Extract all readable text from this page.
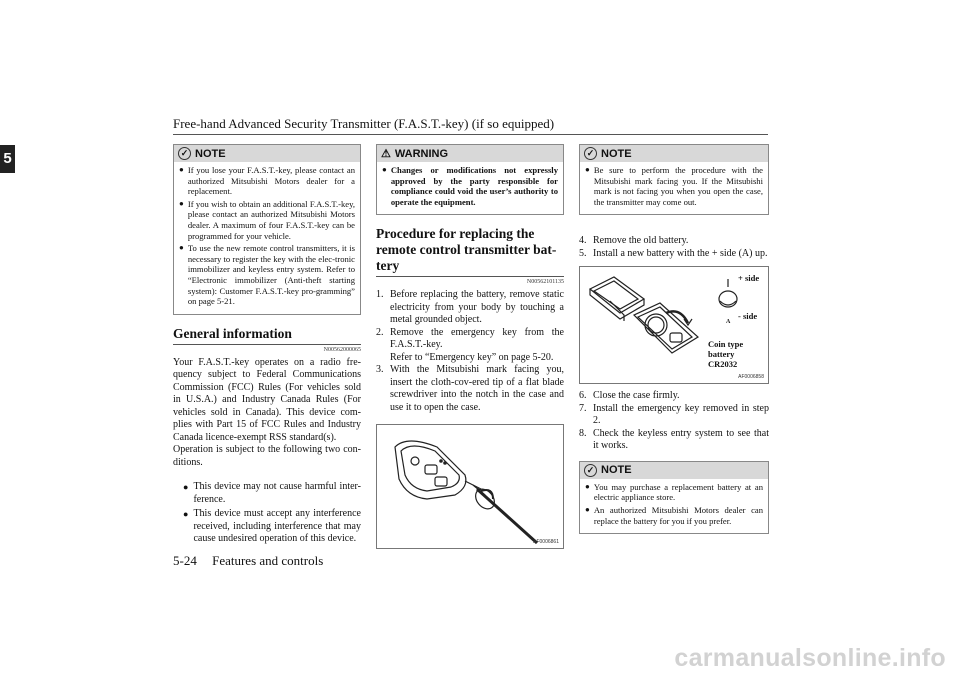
Free-hand Advanced Security Transmitter (F.A.S.T.-key) (if so equipped)
5	✓ NOTE
● If you lose your F.A.S.T.-key, please contact an authorized Mitsubishi Motors dealer for a replacement.
● If you wish to obtain an additional F.A.S.T.-key, please contact an authorized Mitsubishi Motors dealer. A maximum of four F.A.S.T.-key can be programmed for your vehicle.
● To use the new remote control transmitters, it is necessary to register the key with the elec-tronic immobilizer and keyless entry system. Refer to “Electronic immobilizer (Anti-theft starting system): Customer F.A.S.T.-key pro-gramming” on page 5-21.
General information
N00562000065
Your F.A.S.T.-key operates on a radio fre-quency subject to Federal Communications Commission (FCC) Rules (For vehicles sold in U.S.A.) and Industry Canada Rules (For vehicles sold in Canada). This device com-plies with Part 15 of FCC Rules and Industry Canada licence-exempt RSS standard(s).
Operation is subject to the following two con-ditions.
● This device may not cause harmful inter-ference.
● This device must accept any interference received, including interference that may cause undesired operation of this device.
⚠ WARNING
● Changes or modifications not expressly approved by the party responsible for compliance could void the user’s authority to operate the equipment.
Procedure for replacing the remote control transmitter bat-tery
N00562101135
1. Before replacing the battery, remove static electricity from your body by touching a metal grounded object.
2. Remove the emergency key from the F.A.S.T.-key.
Refer to “Emergency key” on page 5-20.
3. With the Mitsubishi mark facing you, insert the cloth-cov-ered tip of a flat blade screwdriver into the notch in the case and use it to open the case.
AF0006861
✓ NOTE
● Be sure to perform the procedure with the Mitsubishi mark facing you. If the Mitsubishi mark is not facing you when you open the case, the transmitter may come out.
4. Remove the old battery.
5. Install a new battery with the + side (A) up.
+ side
A
- side
Coin type
battery
CR2032
AF0006858
6. Close the case firmly.
7. Install the emergency key removed in step 2.
8. Check the keyless entry system to see that it works.
✓ NOTE
● You may purchase a replacement battery at an electric appliance store.
● An authorized Mitsubishi Motors dealer can replace the battery for you if you prefer.
5-24 Features and controls
carmanualsonline.info
